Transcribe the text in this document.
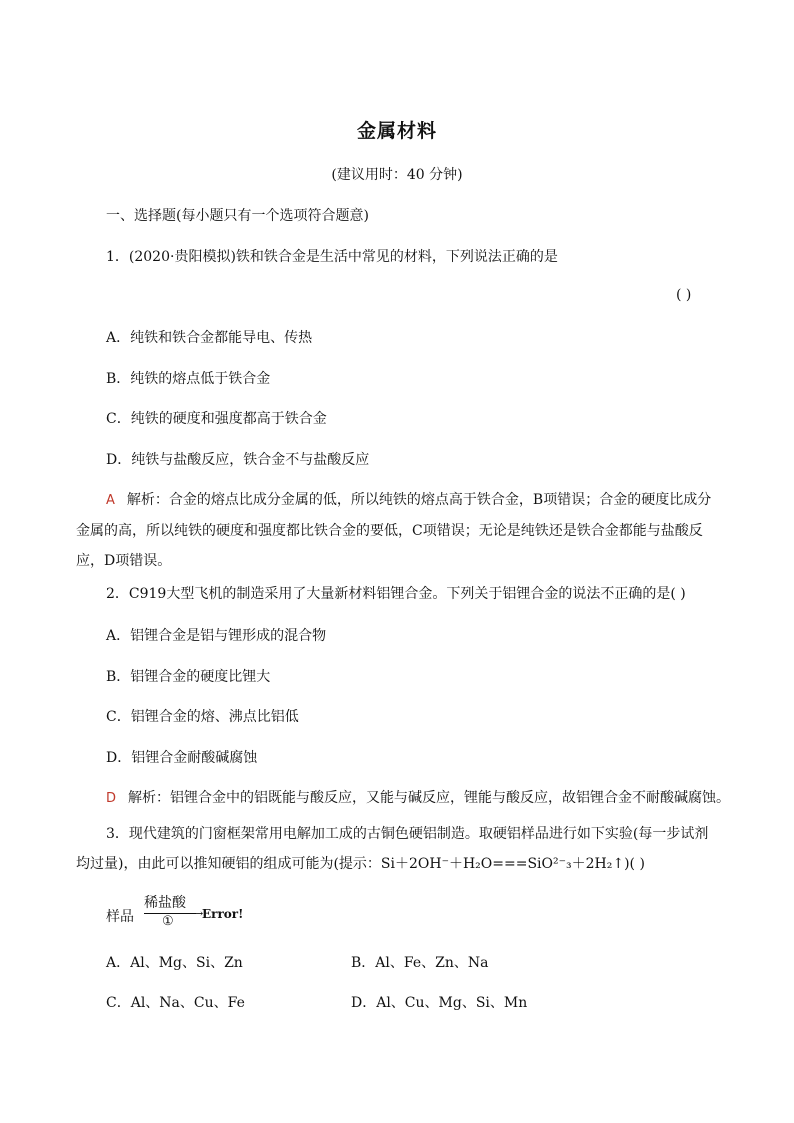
金属材料
(建议用时：40 分钟)
一、选择题(每小题只有一个选项符合题意)
1．(2020·贵阳模拟)铁和铁合金是生活中常见的材料，下列说法正确的是
( )
A．纯铁和铁合金都能导电、传热
B．纯铁的熔点低于铁合金
C．纯铁的硬度和强度都高于铁合金
D．纯铁与盐酸反应，铁合金不与盐酸反应
A 解析：合金的熔点比成分金属的低，所以纯铁的熔点高于铁合金，B项错误；合金的硬度比成分金属的高，所以纯铁的硬度和强度都比铁合金的要低，C项错误；无论是纯铁还是铁合金都能与盐酸反应，D项错误。
2．C919大型飞机的制造采用了大量新材料铝锂合金。下列关于铝锂合金的说法不正确的是( )
A．铝锂合金是铝与锂形成的混合物
B．铝锂合金的硬度比锂大
C．铝锂合金的熔、沸点比铝低
D．铝锂合金耐酸碱腐蚀
D 解析：铝锂合金中的铝既能与酸反应，又能与碱反应，锂能与酸反应，故铝锂合金不耐酸碱腐蚀。
3．现代建筑的门窗框架常用电解加工成的古铜色硬铝制造。取硬铝样品进行如下实验(每一步试剂均过量)，由此可以推知硬铝的组成可能为(提示：Si＋2OH⁻＋H₂O===SiO²⁻₃＋2H₂↑)( )
样品
稀盐酸
→
① Error!
A．Al、Mg、Si、Zn	B．Al、Fe、Zn、Na
C．Al、Na、Cu、Fe	D．Al、Cu、Mg、Si、Mn
